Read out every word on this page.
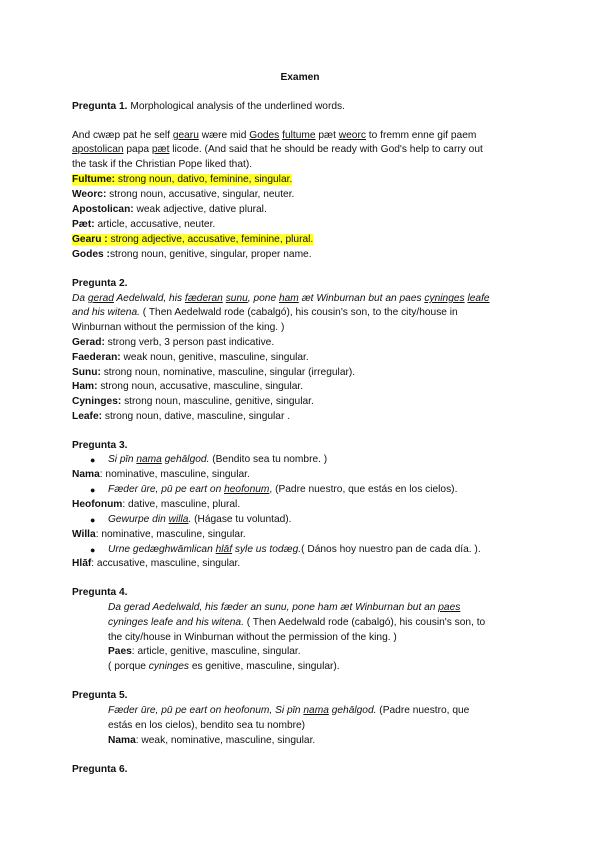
Examen
Pregunta 1. Morphological analysis of the underlined words.
And cwæp pat he self gearu wære mid Godes fultume pæt weorc to fremm enne gif paem
apostolican papa pæt licode. (And said that he should be ready with God's help to carry out
the task if the Christian Pope liked that).
Fultume: strong noun, dativo, feminine, singular.
Weorc: strong noun, accusative, singular, neuter.
Apostolican: weak adjective, dative plural.
Pæt: article, accusative, neuter.
Gearu : strong adjective, accusative, feminine, plural.
Godes :strong noun, genitive, singular, proper name.
Pregunta 2.
Da gerad Aedelwald, his fæderan sunu, pone ham æt Winburnan but an paes cyninges leafe
and his witena. ( Then Aedelwald rode (cabalgó), his cousin's son, to the city/house in
Winburnan without the permission of the king. )
Gerad: strong verb, 3 person past indicative.
Faederan: weak noun, genitive, masculine, singular.
Sunu: strong noun, nominative, masculine, singular (irregular).
Ham: strong noun, accusative, masculine, singular.
Cyninges: strong noun, masculine, genitive, singular.
Leafe: strong noun, dative, masculine, singular .
Pregunta 3.
● Si pīn nama gehālgod. (Bendito sea tu nombre. )
Nama: nominative, masculine, singular.
● Fæder ūre, pū pe eart on heofonum, (Padre nuestro, que estás en los cielos).
Heofonum: dative, masculine, plural.
● Gewurpe din willa. (Hágase tu voluntad).
Willa: nominative, masculine, singular.
● Urne gedæghwāmlican hlāf syle us todæg.( Dános hoy nuestro pan de cada día. ).
Hlāf: accusative, masculine, singular.
Pregunta 4.
Da gerad Aedelwald, his fæder an sunu, pone ham æt Winburnan but an paes
cyninges leafe and his witena. ( Then Aedelwald rode (cabalgó), his cousin's son, to
the city/house in Winburnan without the permission of the king. )
Paes: article, genitive, masculine, singular.
( porque cyninges es genitive, masculine, singular).
Pregunta 5.
Fæder ūre, pū pe eart on heofonum, Si pīn nama gehālgod. (Padre nuestro, que
estás en los cielos), bendito sea tu nombre)
Nama: weak, nominative, masculine, singular.
Pregunta 6.
